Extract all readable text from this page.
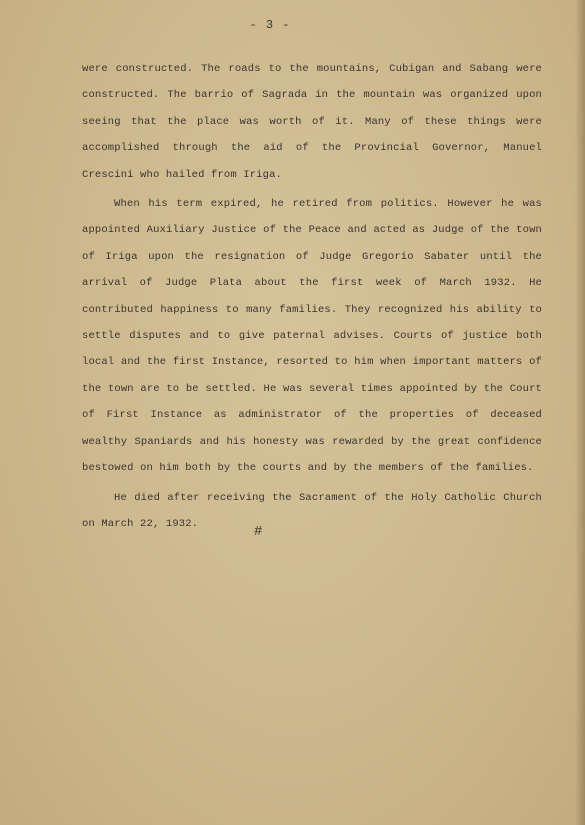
- 3 -

were constructed. The roads to the mountains, Cubigan and Sabang were constructed. The barrio of Sagrada in the mountain was organized upon seeing that the place was worth of it. Many of these things were accomplished through the aid of the Provincial Governor, Manuel Crescini who hailed from Iriga.

When his term expired, he retired from politics. However he was appointed Auxiliary Justice of the Peace and acted as Judge of the town of Iriga upon the resignation of Judge Gregorio Sabater until the arrival of Judge Plata about the first week of March 1932. He contributed happiness to many families. They recognized his ability to settle disputes and to give paternal advises. Courts of justice both local and the first Instance, resorted to him when important matters of the town are to be settled. He was several times appointed by the Court of First Instance as administrator of the properties of deceased wealthy Spaniards and his honesty was rewarded by the great confidence bestowed on him both by the courts and by the members of the families.

He died after receiving the Sacrament of the Holy Catholic Church on March 22, 1932.

#
